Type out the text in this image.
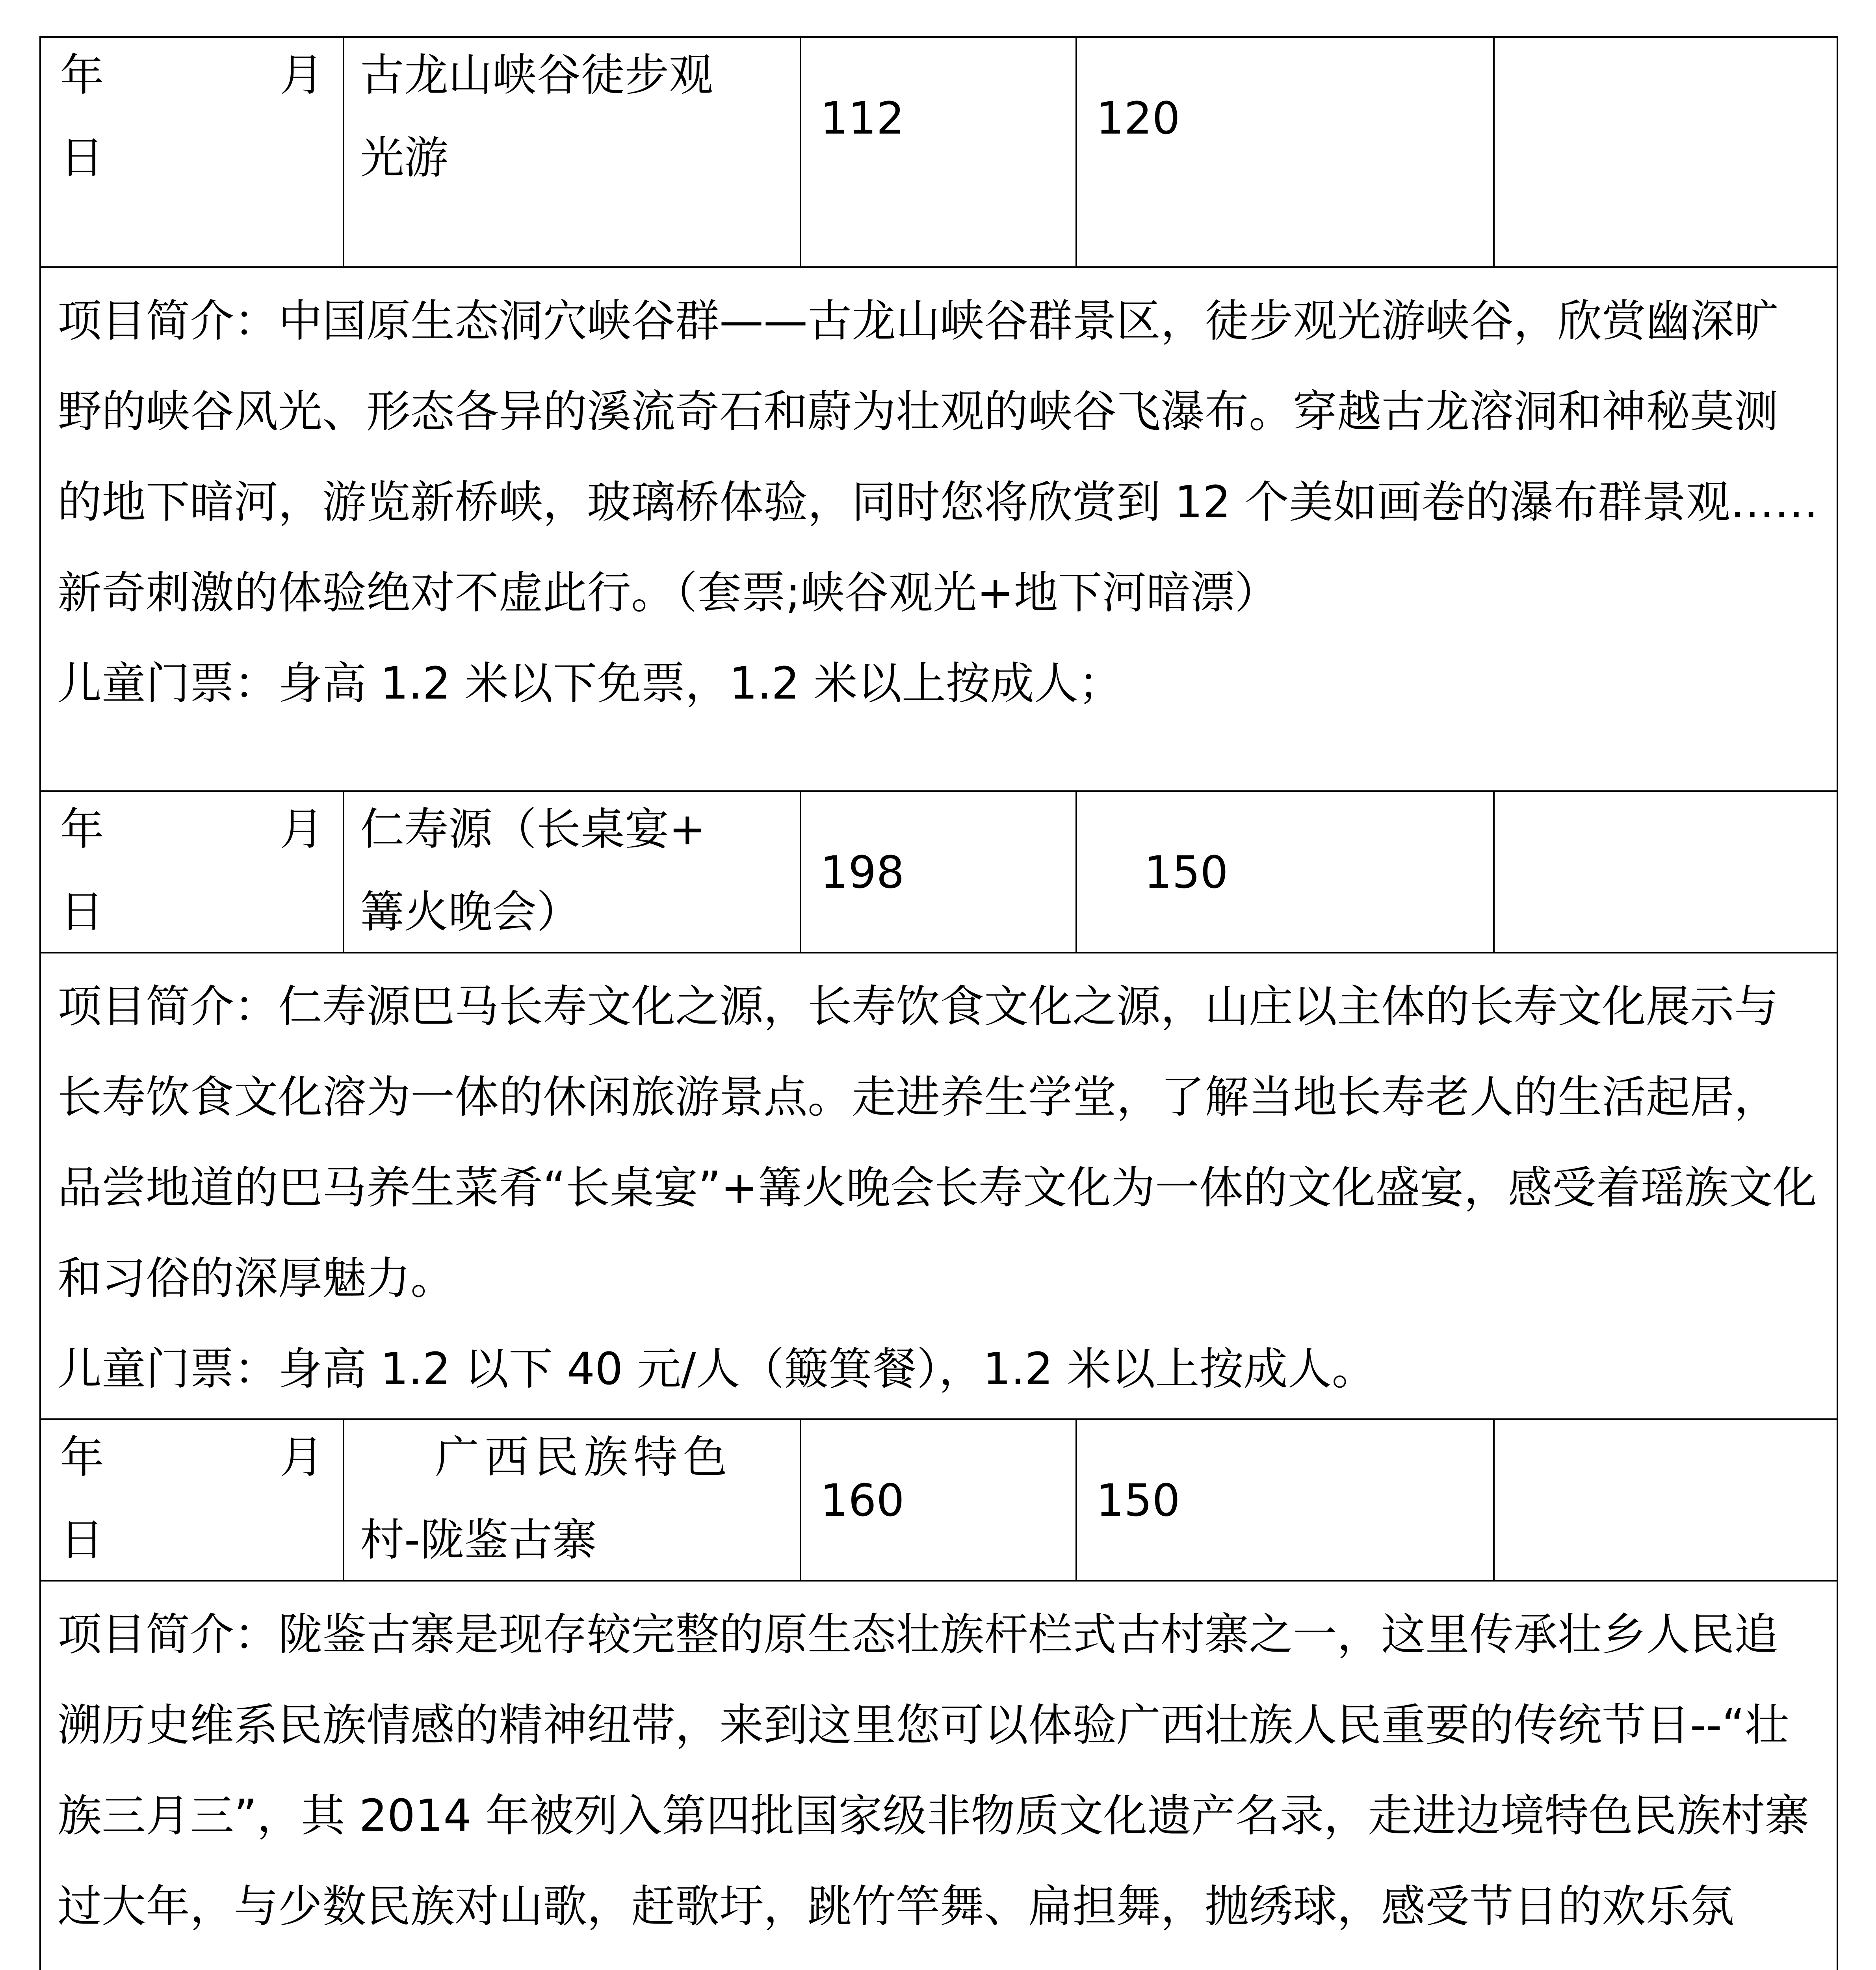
年 月
日	古龙山峡谷徒步观
光游	112	120	

项目简介：中国原生态洞穴峡谷群——古龙山峡谷群景区，徒步观光游峡谷，欣赏幽深旷野的峡谷风光、形态各异的溪流奇石和蔚为壮观的峡谷飞瀑布。穿越古龙溶洞和神秘莫测的地下暗河，游览新桥峡，玻璃桥体验，同时您将欣赏到 12 个美如画卷的瀑布群景观……新奇刺激的体验绝对不虚此行。（套票;峡谷观光+地下河暗漂）

儿童门票：身高 1.2 米以下免票，1.2 米以上按成人；				

年 月
日	仁寿源（长桌宴+
篝火晚会）	198	150	

项目简介：仁寿源巴马长寿文化之源，长寿饮食文化之源，山庄以主体的长寿文化展示与长寿饮食文化溶为一体的休闲旅游景点。走进养生学堂，了解当地长寿老人的生活起居，品尝地道的巴马养生菜肴“长桌宴”+篝火晚会长寿文化为一体的文化盛宴，感受着瑶族文化和习俗的深厚魅力。

儿童门票：身高 1.2 以下 40 元/人（簸箕餐），1.2 米以上按成人。				

年 月
日	广西民族特色
村-陇鉴古寨	160	150	

项目简介：陇鉴古寨是现存较完整的原生态壮族杆栏式古村寨之一，这里传承壮乡人民追溯历史维系民族情感的精神纽带，来到这里您可以体验广西壮族人民重要的传统节日--“壮族三月三”，其 2014 年被列入第四批国家级非物质文化遗产名录，走进边境特色民族村寨过大年，与少数民族对山歌，赶歌圩，跳竹竿舞、扁担舞，抛绣球，感受节日的欢乐氛				
